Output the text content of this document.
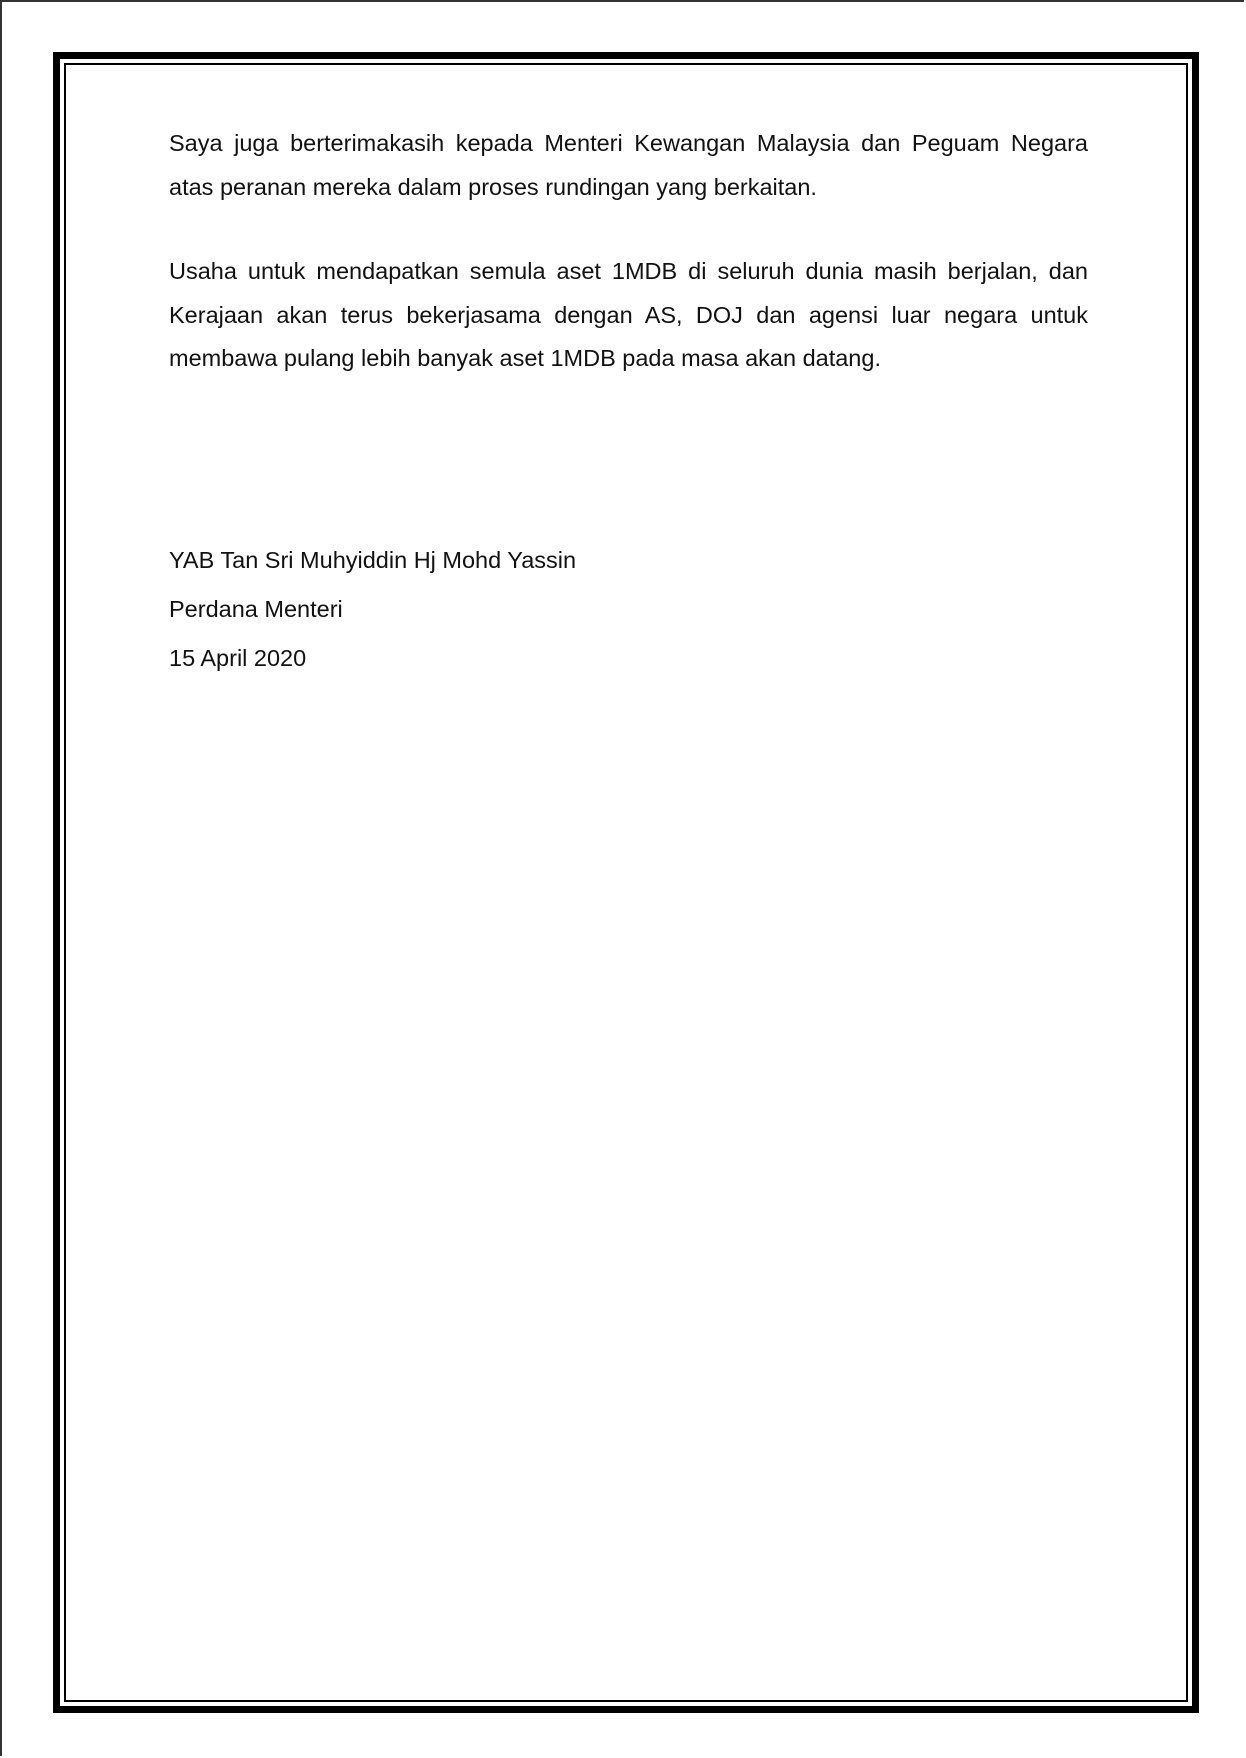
Saya juga berterimakasih kepada Menteri Kewangan Malaysia dan Peguam Negara atas peranan mereka dalam proses rundingan yang berkaitan.

Usaha untuk mendapatkan semula aset 1MDB di seluruh dunia masih berjalan, dan Kerajaan akan terus bekerjasama dengan AS, DOJ dan agensi luar negara untuk membawa pulang lebih banyak aset 1MDB pada masa akan datang.

YAB Tan Sri Muhyiddin Hj Mohd Yassin
Perdana Menteri
15 April 2020
